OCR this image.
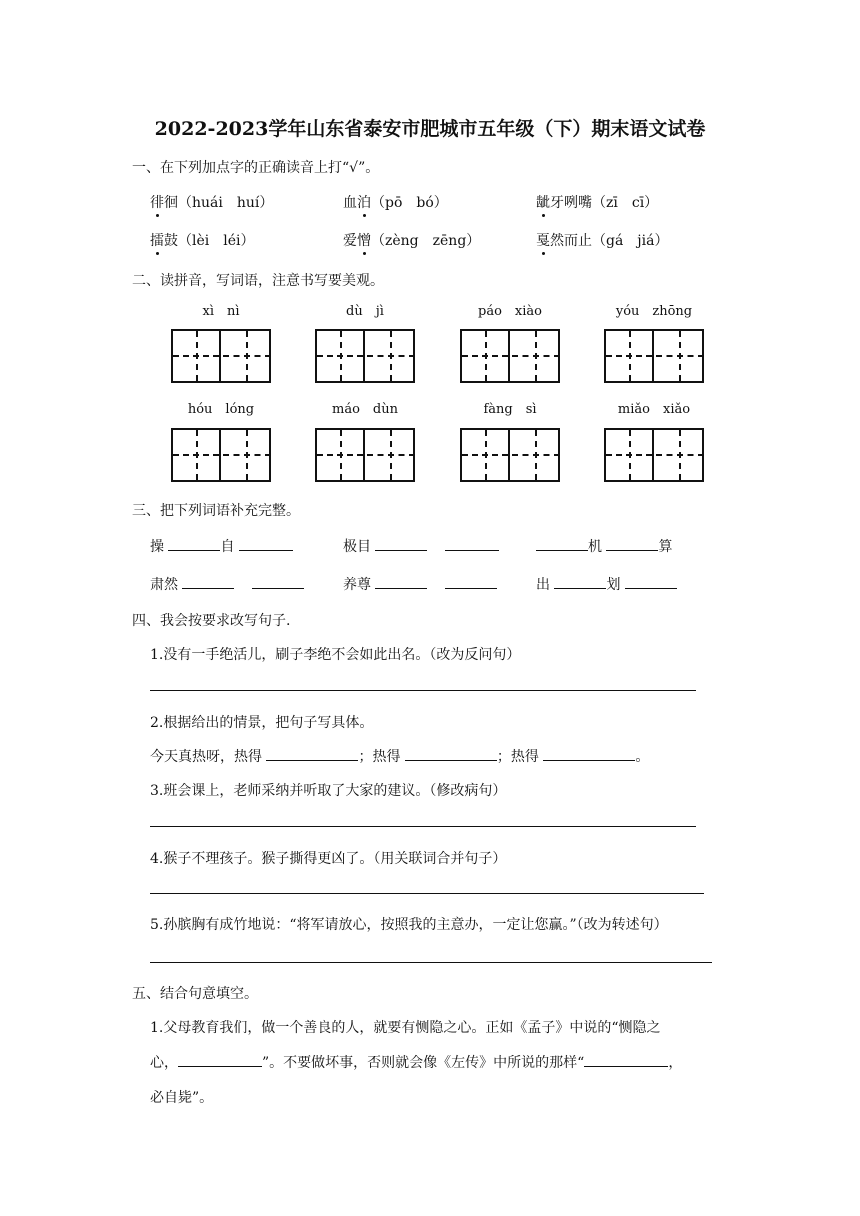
2022-2023学年山东省泰安市肥城市五年级（下）期末语文试卷
一、在下列加点字的正确读音上打“√”。
徘徊（huái　huí）	血泊（pō　bó）	龇牙咧嘴（zī　cī）
擂鼓（lèi　léi）	爱憎（zèng　zēng）	戛然而止（gá　jiá）
二、读拼音，写词语，注意书写要美观。
xì　nì	dù　jì	páo　xiào	yóu　zhōng
hóu　lóng	máo　dùn	fàng　sì	miǎo　xiǎo
三、把下列词语补充完整。
操	自	极目	机	算
肃然	养尊	出	划
四、我会按要求改写句子.
1.没有一手绝活儿，刷子李绝不会如此出名。（改为反问句）
2.根据给出的情景，把句子写具体。
今天真热呀，热得	；热得	；热得	。
3.班会课上，老师采纳并听取了大家的建议。（修改病句）
4.猴子不理孩子。猴子撕得更凶了。（用关联词合并句子）
5.孙膑胸有成竹地说：“将军请放心，按照我的主意办，一定让您赢。”（改为转述句）
五、结合句意填空。
1.父母教育我们，做一个善良的人，就要有恻隐之心。正如《孟子》中说的“恻隐之
心，	”。不要做坏事，否则就会像《左传》中所说的那样“	，
必自毙”。
